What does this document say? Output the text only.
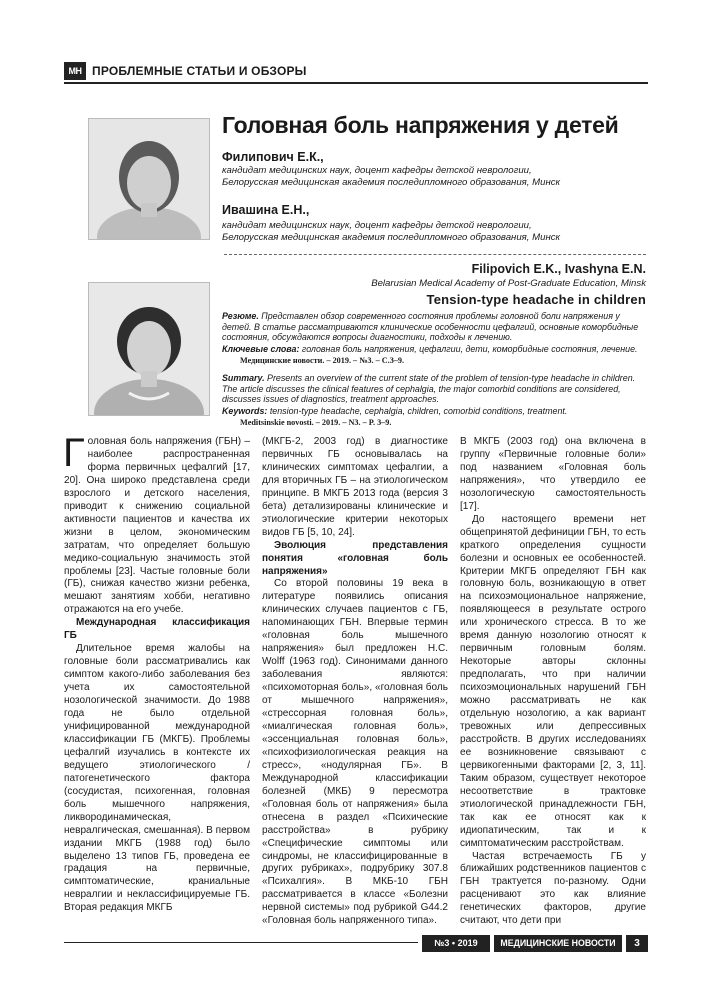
MH ПРОБЛЕМНЫЕ СТАТЬИ И ОБЗОРЫ
Головная боль напряжения у детей

Филипович Е.К.,

кандидат медицинских наук, доцент кафедры детской неврологии,
Белорусская медицинская академия последипломного образования, Минск

Ивашина Е.Н.,

кандидат медицинских наук, доцент кафедры детской неврологии,
Белорусская медицинская академия последипломного образования, Минск
Filipovich E.K., Ivashyna E.N.
Belarusian Medical Academy of Post-Graduate Education, Minsk
Tension-type headache in children

Резюме. Представлен обзор современного состояния проблемы головной боли напряжения у детей. В статье рассматриваются клинические особенности цефалгий, основные коморбидные состояния, обсуждаются вопросы диагностики, подходы к лечению.

Ключевые слова: головная боль напряжения, цефалгии, дети, коморбидные состояния, лечение.

Медицинские новости. – 2019. – №3. – С.3–9.

Summary. Presents an overview of the current state of the problem of tension-type headache in children. The article discusses the clinical features of cephalgia, the major comorbid conditions are considered, discusses issues of diagnostics, treatment approaches.

Keywords: tension-type headache, cephalgia, children, comorbid conditions, treatment.

Meditsinskie novosti. – 2019. – N3. – P. 3–9.

Головная боль напряжения (ГБН) – наиболее распространенная форма первичных цефалгий [17, 20]. Она широко представлена среди взрослого и детского населения, приводит к снижению социальной активности пациентов и качества их жизни в целом, экономическим затратам, что определяет большую медико-социальную значимость этой проблемы [23]. Частые головные боли (ГБ), снижая качество жизни ребенка, мешают занятиям хобби, негативно отражаются на его учебе.

Международная классификация ГБ

Длительное время жалобы на головные боли рассматривались как симптом какого-либо заболевания без учета их самостоятельной нозологической значимости. До 1988 года не было отдельной унифицированной международной классификации ГБ (МКГБ). Проблемы цефалгий изучались в контексте их ведущего этиологического / патогенетического фактора (сосудистая, психогенная, головная боль мышечного напряжения, ликвородинамическая, невралгическая, смешанная). В первом издании МКГБ (1988 год) было выделено 13 типов ГБ, проведена ее градация на первичные, симптоматические, краниальные невралгии и неклассифицируемые ГБ. Вторая редакция МКГБ

(МКГБ-2, 2003 год) в диагностике первичных ГБ основывалась на клинических симптомах цефалгии, а для вторичных ГБ – на этиологическом принципе. В МКГБ 2013 года (версия 3 бета) детализированы клинические и этиологические критерии некоторых видов ГБ [5, 10, 24].

Эволюция представления понятия «головная боль напряжения»

Со второй половины 19 века в литературе появились описания клинических случаев пациентов с ГБ, напоминающих ГБН. Впервые термин «головная боль мышечного напряжения» был предложен Н.С. Wolff (1963 год). Синонимами данного заболевания являются: «психомоторная боль», «головная боль от мышечного напряжения», «стрессорная головная боль», «миалгическая головная боль», «эссенциальная головная боль», «психофизиологическая реакция на стресс», «нодулярная ГБ». В Международной классификации болезней (МКБ) 9 пересмотра «Головная боль от напряжения» была отнесена в раздел «Психические расстройства» в рубрику «Специфические симптомы или синдромы, не классифицированные в других рубриках», подрубрику 307.8 «Психалгия». В МКБ-10 ГБН рассматривается в классе «Болезни нервной системы» под рубрикой G44.2 «Головная боль напряженного типа».

В МКГБ (2003 год) она включена в группу «Первичные головные боли» под названием «Головная боль напряжения», что утвердило ее нозологическую самостоятельность [17].

До настоящего времени нет общепринятой дефиниции ГБН, то есть краткого определения сущности болезни и основных ее особенностей. Критерии МКГБ определяют ГБН как головную боль, возникающую в ответ на психоэмоциональное напряжение, появляющееся в результате острого или хронического стресса. В то же время данную нозологию относят к первичным головным болям. Некоторые авторы склонны предполагать, что при наличии психоэмоциональных нарушений ГБН можно рассматривать не как отдельную нозологию, а как вариант тревожных или депрессивных расстройств. В других исследованиях ее возникновение связывают с цервикогенными факторами [2, 3, 11]. Таким образом, существует некоторое несоответствие в трактовке этиологической принадлежности ГБН, так как ее относят как к идиопатическим, так и к симптоматическим расстройствам.

Частая встречаемость ГБ у ближайших родственников пациентов с ГБН трактуется по-разному. Одни расценивают это как влияние генетических факторов, другие считают, что дети при

№3 • 2019	МЕДИЦИНСКИЕ НОВОСТИ	3
